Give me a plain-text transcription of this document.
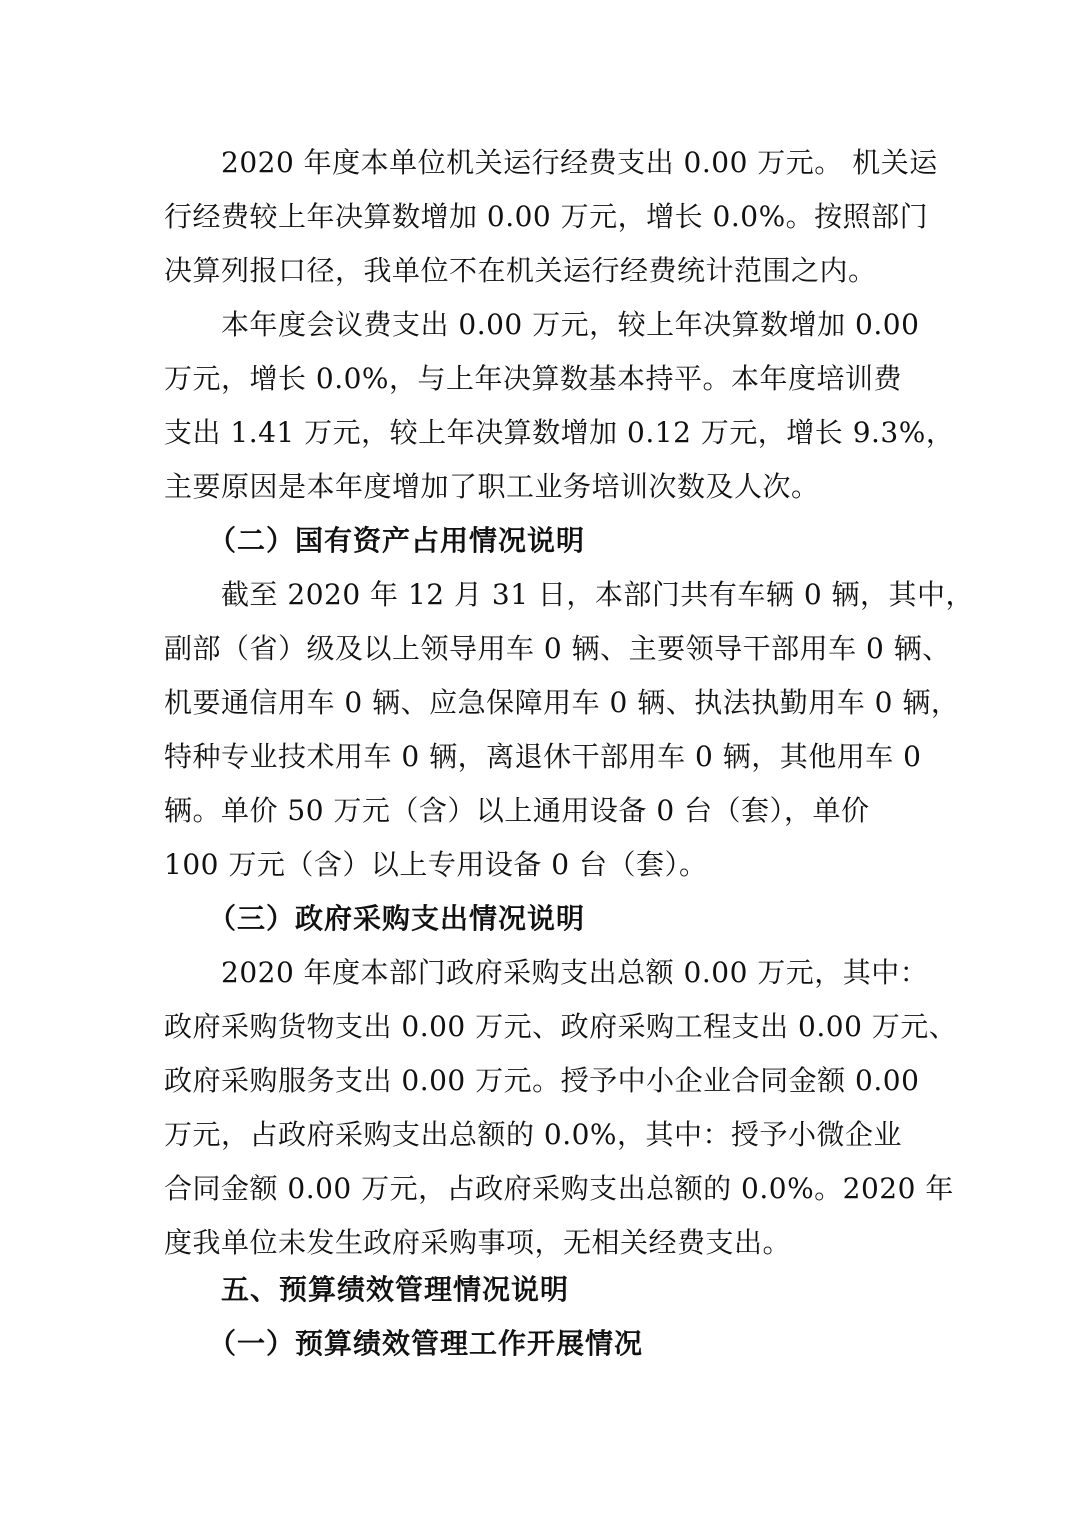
2020 年度本单位机关运行经费支出 0.00 万元。 机关运
行经费较上年决算数增加 0.00 万元，增长 0.0%。按照部门
决算列报口径，我单位不在机关运行经费统计范围之内。
本年度会议费支出 0.00 万元，较上年决算数增加 0.00
万元，增长 0.0%，与上年决算数基本持平。本年度培训费
支出 1.41 万元，较上年决算数增加 0.12 万元，增长 9.3%，
主要原因是本年度增加了职工业务培训次数及人次。
（二）国有资产占用情况说明
截至 2020 年 12 月 31 日，本部门共有车辆 0 辆，其中，
副部（省）级及以上领导用车 0 辆、主要领导干部用车 0 辆、
机要通信用车 0 辆、应急保障用车 0 辆、执法执勤用车 0 辆，
特种专业技术用车 0 辆，离退休干部用车 0 辆，其他用车 0
辆。单价 50 万元（含）以上通用设备 0 台（套），单价
100 万元（含）以上专用设备 0 台（套）。
（三）政府采购支出情况说明
2020 年度本部门政府采购支出总额 0.00 万元，其中：
政府采购货物支出 0.00 万元、政府采购工程支出 0.00 万元、
政府采购服务支出 0.00 万元。授予中小企业合同金额 0.00
万元，占政府采购支出总额的 0.0%，其中：授予小微企业
合同金额 0.00 万元，占政府采购支出总额的 0.0%。2020 年
度我单位未发生政府采购事项，无相关经费支出。
五、预算绩效管理情况说明
（一）预算绩效管理工作开展情况
